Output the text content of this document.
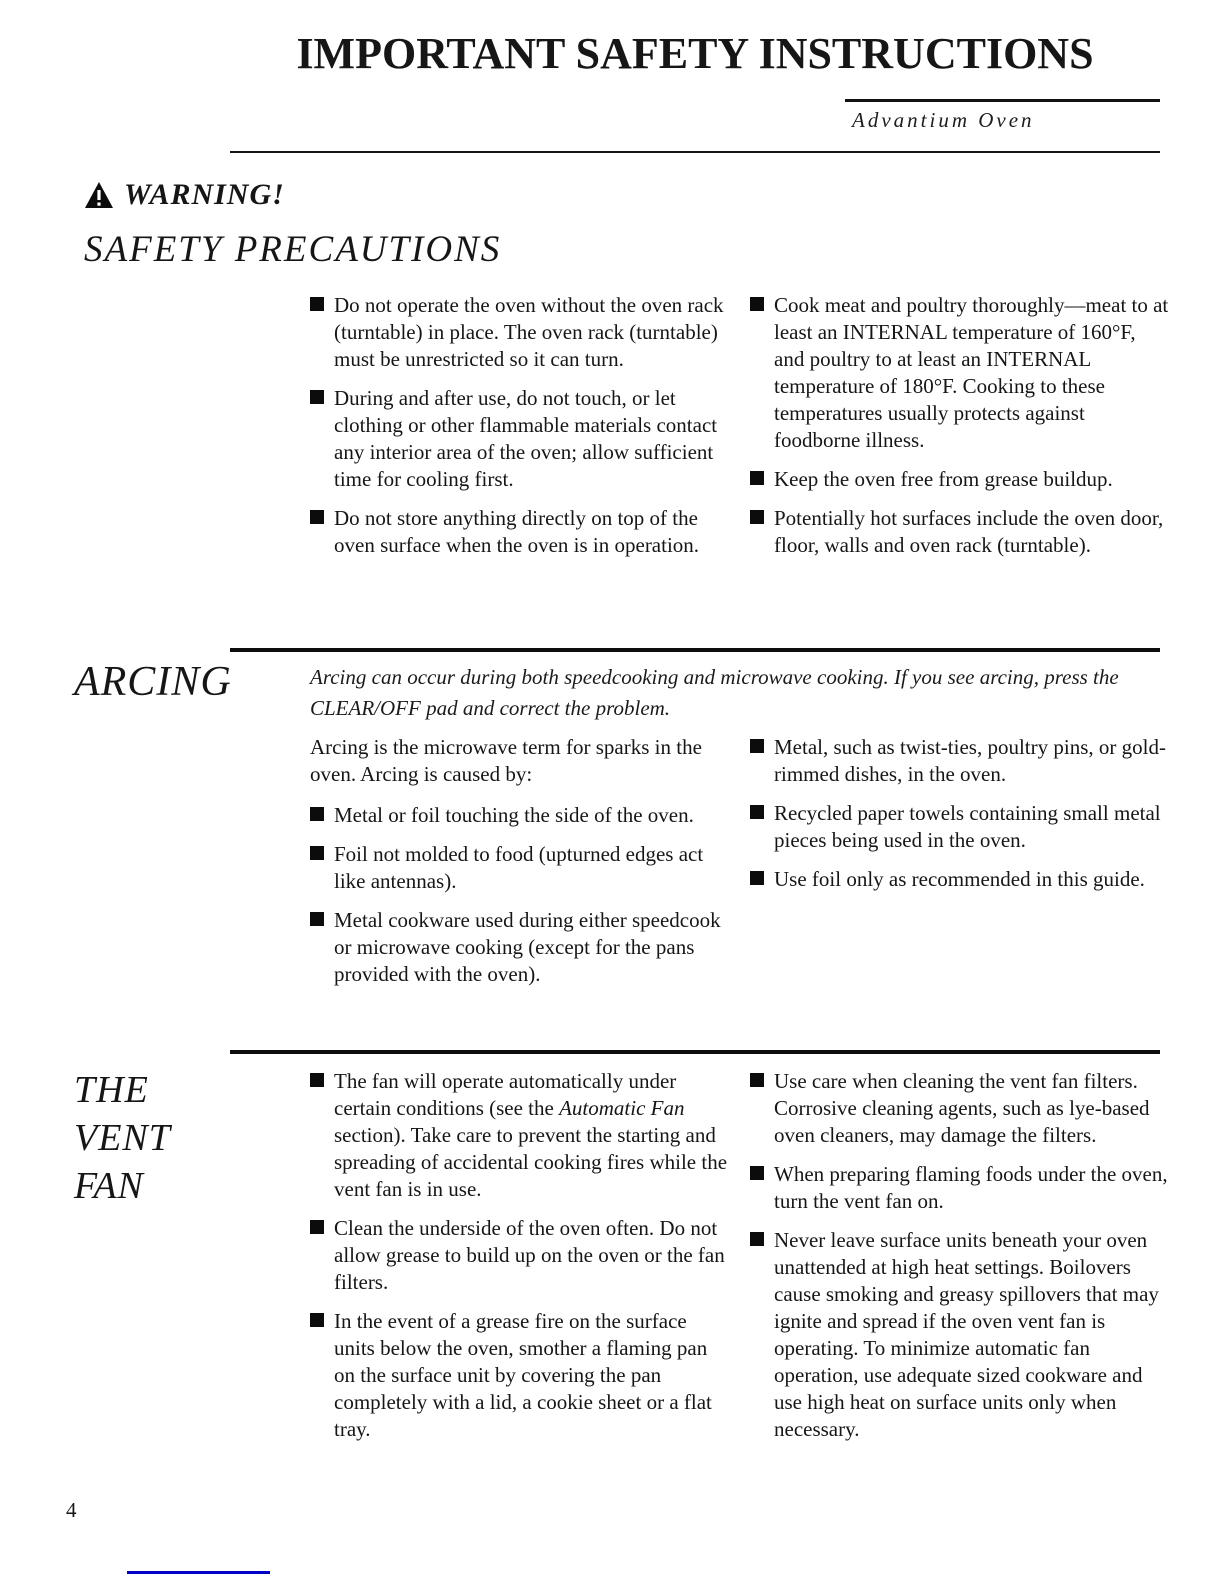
IMPORTANT SAFETY INSTRUCTIONS
Advantium Oven
WARNING!
SAFETY PRECAUTIONS
Do not operate the oven without the oven rack (turntable) in place. The oven rack (turntable) must be unrestricted so it can turn.
During and after use, do not touch, or let clothing or other flammable materials contact any interior area of the oven; allow sufficient time for cooling first.
Do not store anything directly on top of the oven surface when the oven is in operation.
Cook meat and poultry thoroughly—meat to at least an INTERNAL temperature of 160°F, and poultry to at least an INTERNAL temperature of 180°F. Cooking to these temperatures usually protects against foodborne illness.
Keep the oven free from grease buildup.
Potentially hot surfaces include the oven door, floor, walls and oven rack (turntable).
ARCING	Arcing can occur during both speedcooking and microwave cooking. If you see arcing, press the CLEAR/OFF pad and correct the problem.

Arcing is the microwave term for sparks in the oven. Arcing is caused by:

Metal or foil touching the side of the oven.
Foil not molded to food (upturned edges act like antennas).
Metal cookware used during either speedcook or microwave cooking (except for the pans provided with the oven).
Metal, such as twist-ties, poultry pins, or gold-rimmed dishes, in the oven.
Recycled paper towels containing small metal pieces being used in the oven.
Use foil only as recommended in this guide.
THE
VENT
FAN
The fan will operate automatically under certain conditions (see the Automatic Fan section). Take care to prevent the starting and spreading of accidental cooking fires while the vent fan is in use.
Clean the underside of the oven often. Do not allow grease to build up on the oven or the fan filters.
In the event of a grease fire on the surface units below the oven, smother a flaming pan on the surface unit by covering the pan completely with a lid, a cookie sheet or a flat tray.
Use care when cleaning the vent fan filters. Corrosive cleaning agents, such as lye-based oven cleaners, may damage the filters.
When preparing flaming foods under the oven, turn the vent fan on.
Never leave surface units beneath your oven unattended at high heat settings. Boilovers cause smoking and greasy spillovers that may ignite and spread if the oven vent fan is operating. To minimize automatic fan operation, use adequate sized cookware and use high heat on surface units only when necessary.
4
